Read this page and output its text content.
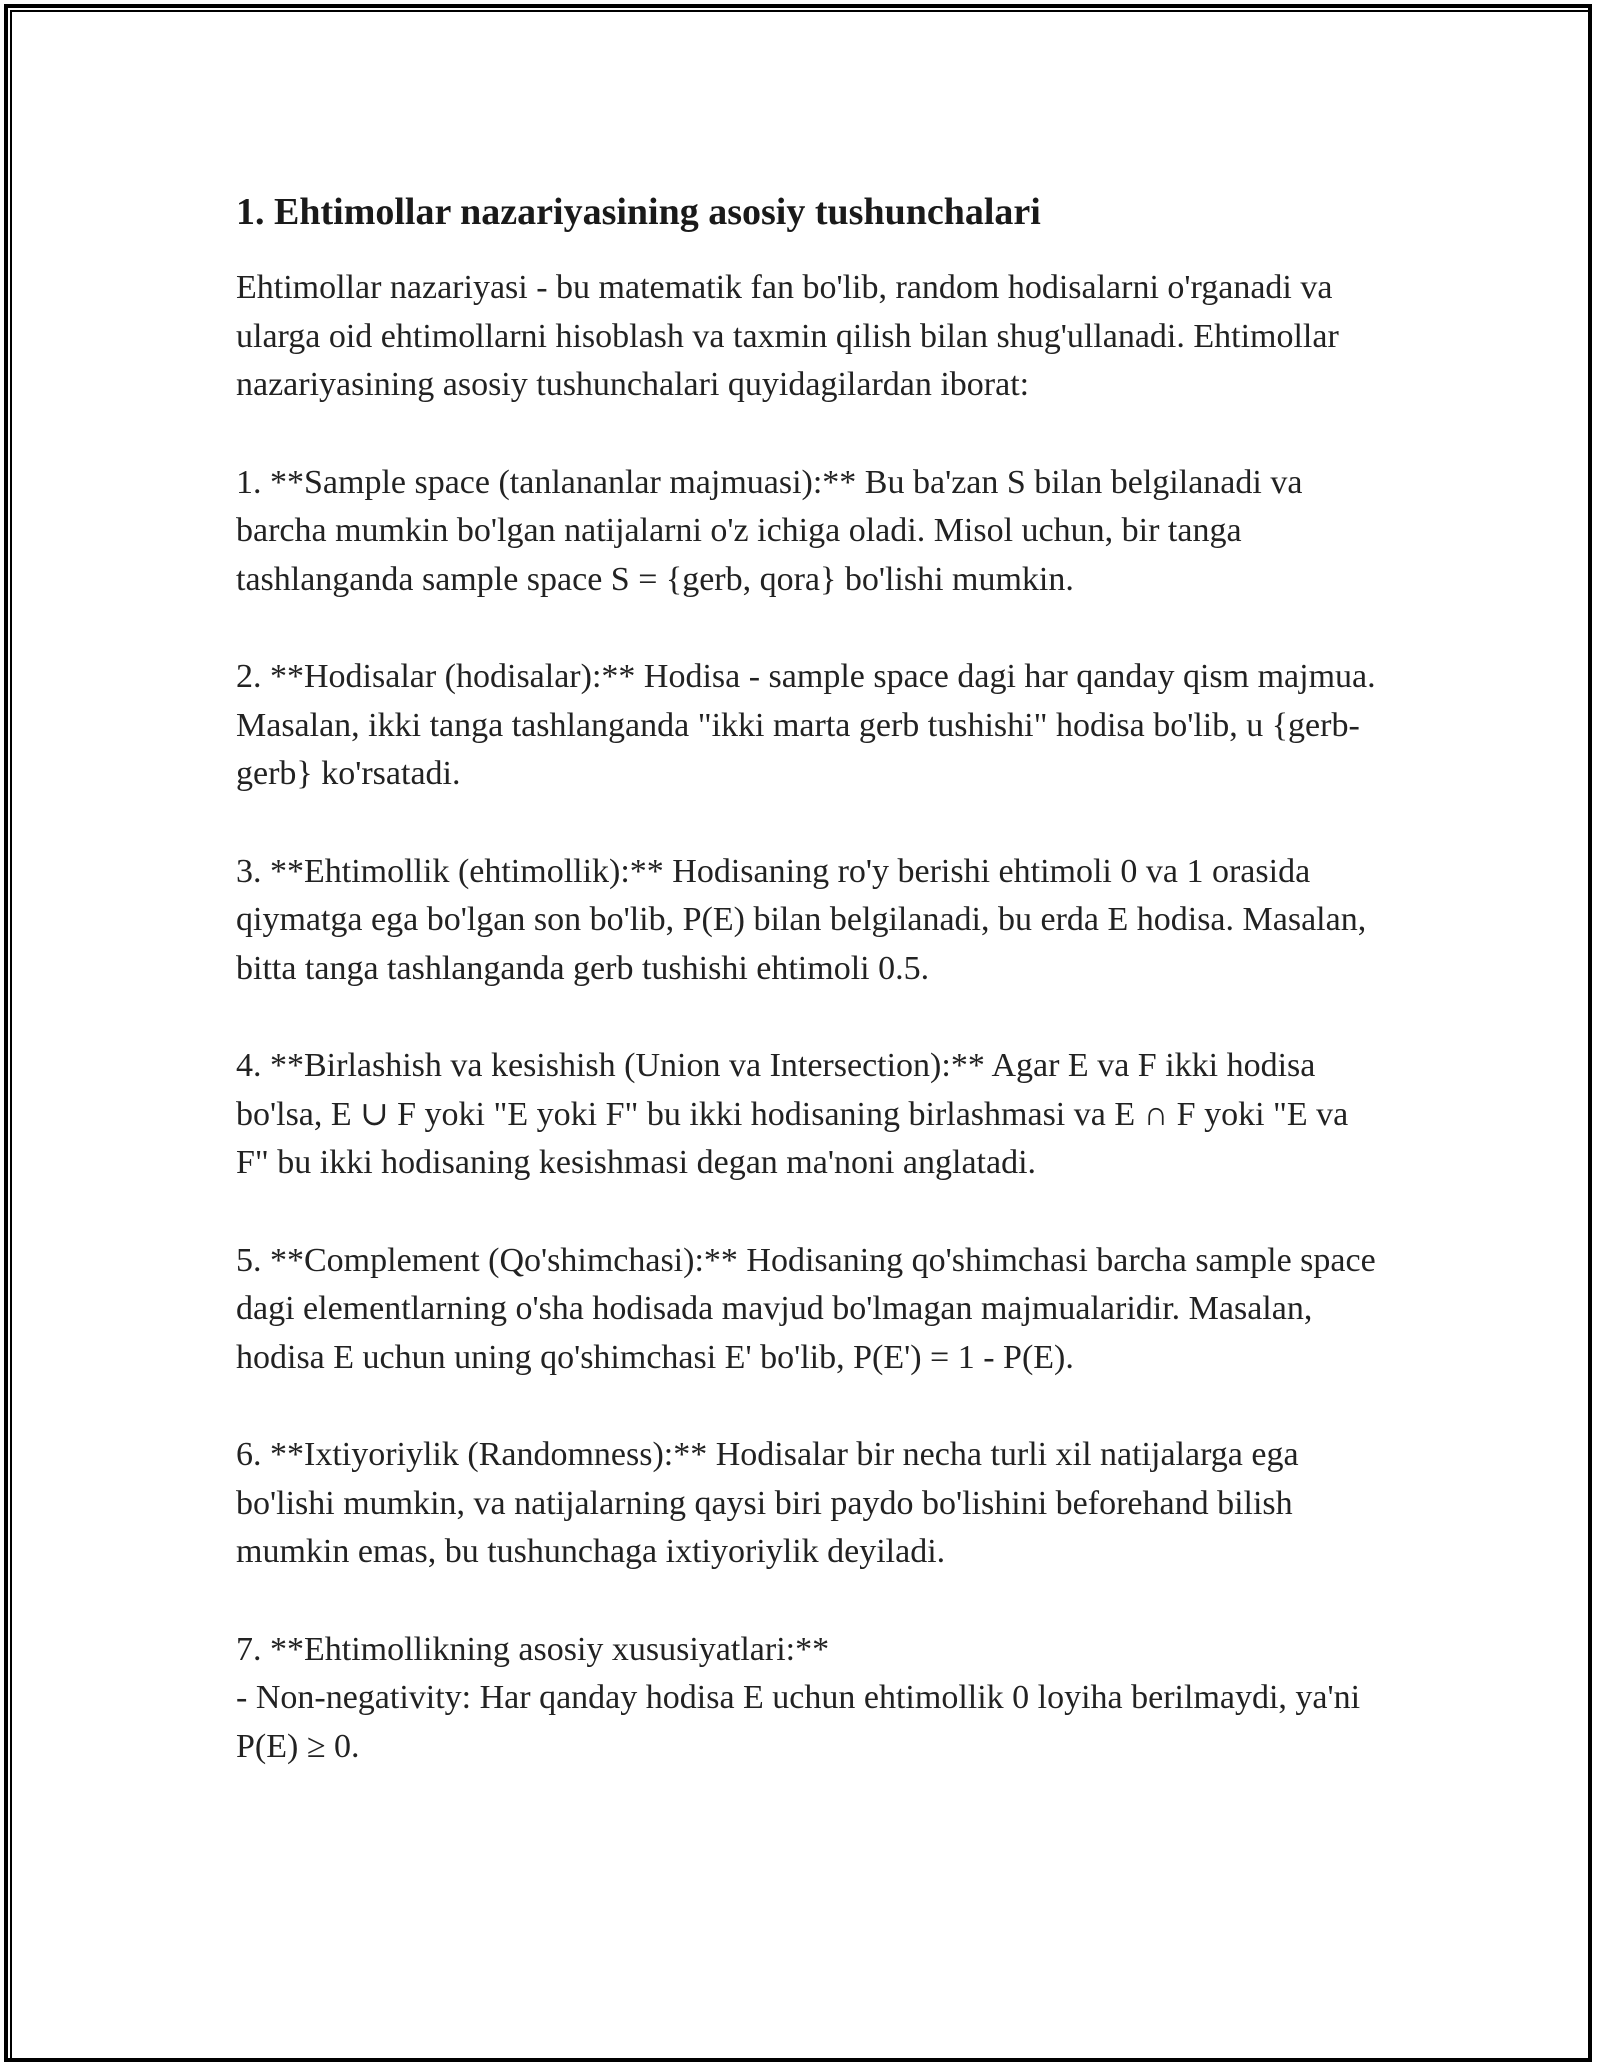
1. Ehtimollar nazariyasining asosiy tushunchalari

Ehtimollar nazariyasi - bu matematik fan bo'lib, random hodisalarni o'rganadi va ularga oid ehtimollarni hisoblash va taxmin qilish bilan shug'ullanadi. Ehtimollar nazariyasining asosiy tushunchalari quyidagilardan iborat:

1. **Sample space (tanlananlar majmuasi):** Bu ba'zan S bilan belgilanadi va barcha mumkin bo'lgan natijalarni o'z ichiga oladi. Misol uchun, bir tanga tashlanganda sample space S = {gerb, qora} bo'lishi mumkin.

2. **Hodisalar (hodisalar):** Hodisa - sample space dagi har qanday qism majmua. Masalan, ikki tanga tashlanganda "ikki marta gerb tushishi" hodisa bo'lib, u {gerb-gerb} ko'rsatadi.

3. **Ehtimollik (ehtimollik):** Hodisaning ro'y berishi ehtimoli 0 va 1 orasida qiymatga ega bo'lgan son bo'lib, P(E) bilan belgilanadi, bu erda E hodisa. Masalan, bitta tanga tashlanganda gerb tushishi ehtimoli 0.5.

4. **Birlashish va kesishish (Union va Intersection):** Agar E va F ikki hodisa bo'lsa, E ∪ F yoki "E yoki F" bu ikki hodisaning birlashmasi va E ∩ F yoki "E va F" bu ikki hodisaning kesishmasi degan ma'noni anglatadi.

5. **Complement (Qo'shimchasi):** Hodisaning qo'shimchasi barcha sample space dagi elementlarning o'sha hodisada mavjud bo'lmagan majmualaridir. Masalan, hodisa E uchun uning qo'shimchasi E' bo'lib, P(E') = 1 - P(E).

6. **Ixtiyoriylik (Randomness):** Hodisalar bir necha turli xil natijalarga ega bo'lishi mumkin, va natijalarning qaysi biri paydo bo'lishini beforehand bilish mumkin emas, bu tushunchaga ixtiyoriylik deyiladi.

7. **Ehtimollikning asosiy xususiyatlari:**
- Non-negativity: Har qanday hodisa E uchun ehtimollik 0 loyiha berilmaydi, ya'ni P(E) ≥ 0.
